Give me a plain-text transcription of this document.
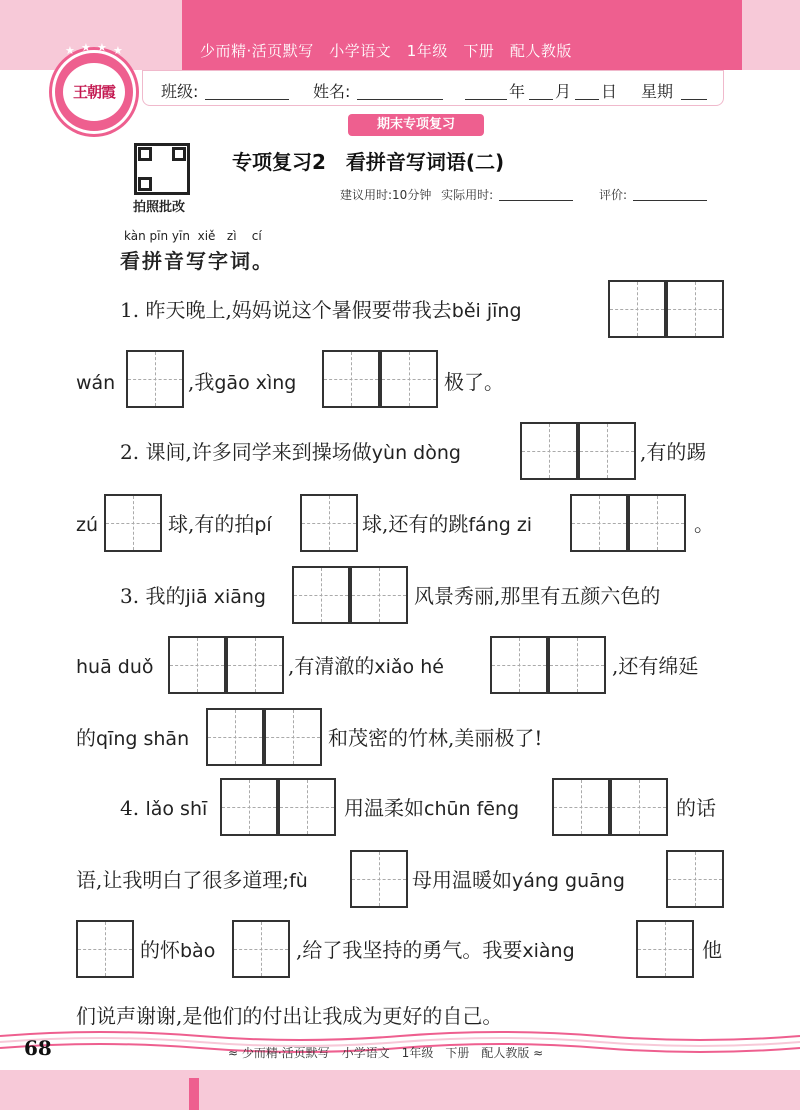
少而精·活页默写　小学语文　1年级　下册　配人教版
班级:	姓名:	年 月 日 星期
★ ★ ★ ★
王朝霞
期末专项复习
拍照批改
专项复习2　看拼音写词语(二)
建议用时:10分钟 实际用时:	评价:
kàn pīn yīn xiě zì cí
看拼音写字词。
1. 昨天晚上,妈妈说这个暑假要带我去běi jīng
wán	,我gāo xìng	极了。
2. 课间,许多同学来到操场做yùn dòng	,有的踢
zú	球,有的拍pí	球,还有的跳fáng zi	。
3. 我的jiā xiāng	风景秀丽,那里有五颜六色的
huā duǒ	,有清澈的xiǎo hé	,还有绵延
的qīng shān	和茂密的竹林,美丽极了!
4. lǎo shī	用温柔如chūn fēng	的话
语,让我明白了很多道理;fù	母用温暖如yáng guāng
的怀bào	,给了我坚持的勇气。我要xiàng	他
们说声谢谢,是他们的付出让我成为更好的自己。
68	≈ 少而精·活页默写　小学语文　1年级　下册　配人教版 ≈
